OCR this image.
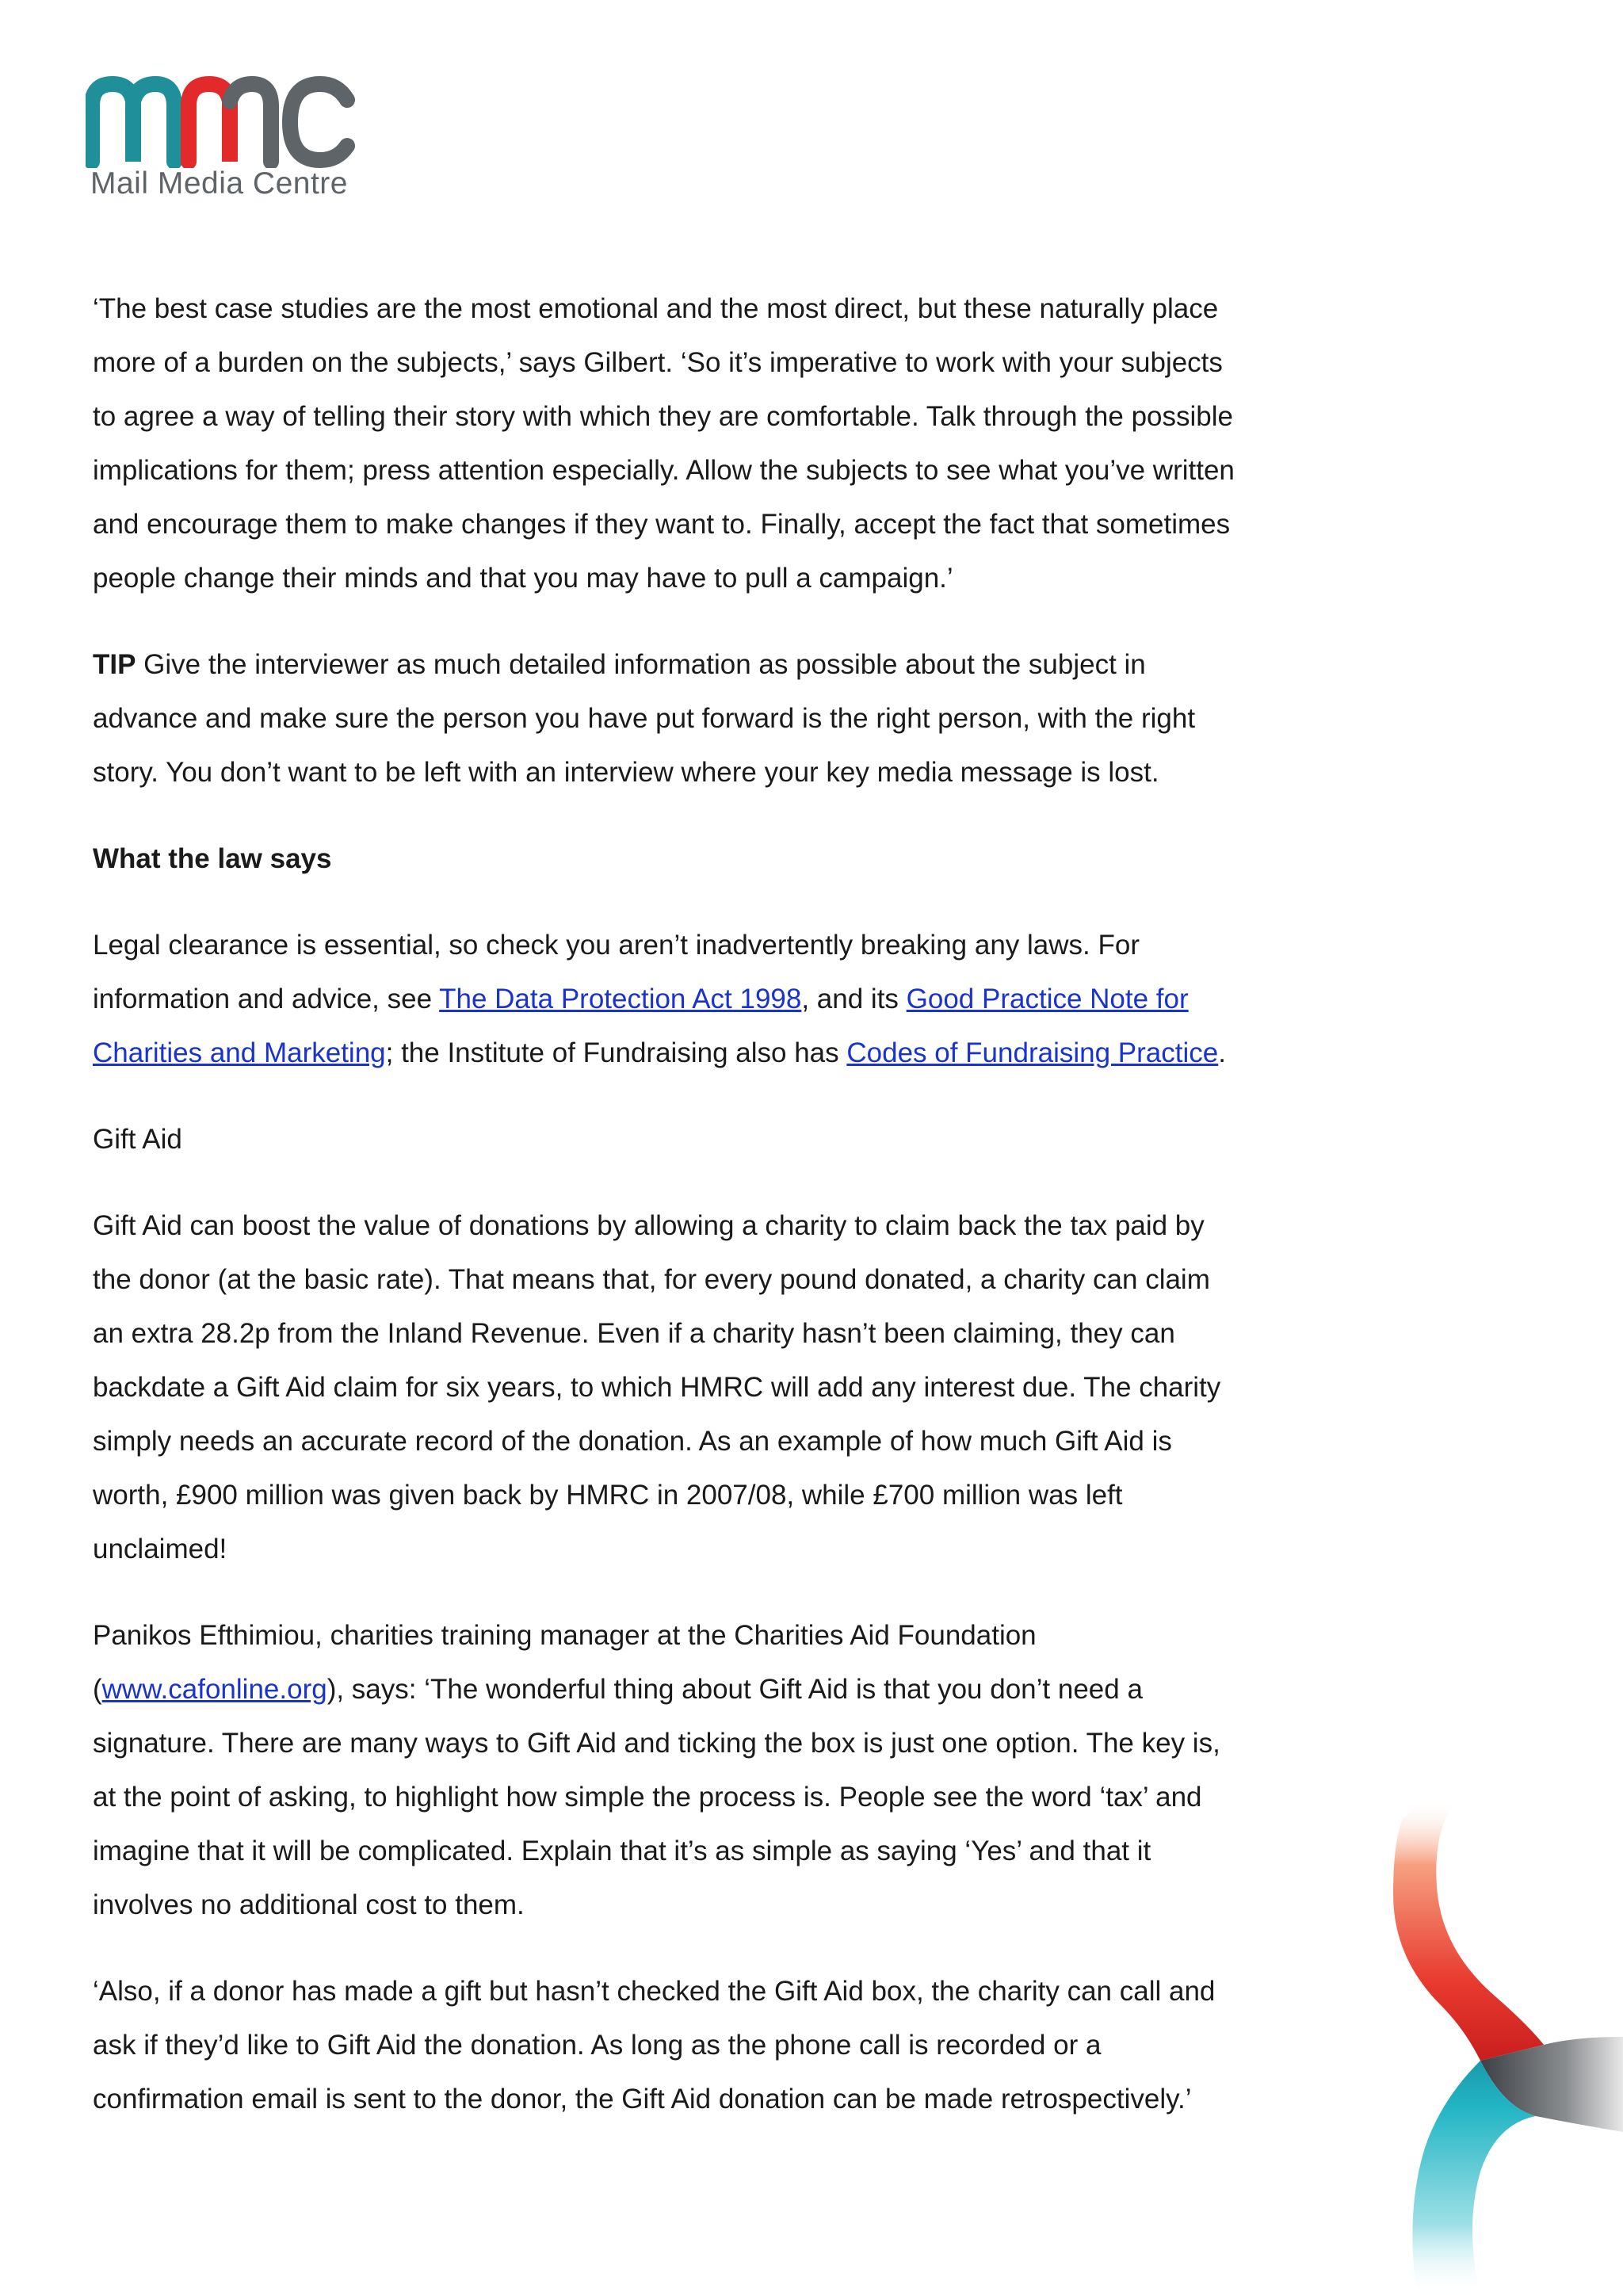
Mail Media Centre

‘The best case studies are the most emotional and the most direct, but these naturally place more of a burden on the subjects,’ says Gilbert. ‘So it’s imperative to work with your subjects to agree a way of telling their story with which they are comfortable. Talk through the possible implications for them; press attention especially. Allow the subjects to see what you’ve written and encourage them to make changes if they want to. Finally, accept the fact that sometimes people change their minds and that you may have to pull a campaign.’

TIP Give the interviewer as much detailed information as possible about the subject in advance and make sure the person you have put forward is the right person, with the right story. You don’t want to be left with an interview where your key media message is lost.

What the law says

Legal clearance is essential, so check you aren’t inadvertently breaking any laws. For information and advice, see The Data Protection Act 1998, and its Good Practice Note for Charities and Marketing; the Institute of Fundraising also has Codes of Fundraising Practice.

Gift Aid

Gift Aid can boost the value of donations by allowing a charity to claim back the tax paid by the donor (at the basic rate). That means that, for every pound donated, a charity can claim an extra 28.2p from the Inland Revenue. Even if a charity hasn’t been claiming, they can backdate a Gift Aid claim for six years, to which HMRC will add any interest due. The charity simply needs an accurate record of the donation. As an example of how much Gift Aid is worth, £900 million was given back by HMRC in 2007/08, while £700 million was left unclaimed!

Panikos Efthimiou, charities training manager at the Charities Aid Foundation (www.cafonline.org), says: ‘The wonderful thing about Gift Aid is that you don’t need a signature. There are many ways to Gift Aid and ticking the box is just one option. The key is, at the point of asking, to highlight how simple the process is. People see the word ‘tax’ and imagine that it will be complicated. Explain that it’s as simple as saying ‘Yes’ and that it involves no additional cost to them.

‘Also, if a donor has made a gift but hasn’t checked the Gift Aid box, the charity can call and ask if they’d like to Gift Aid the donation. As long as the phone call is recorded or a confirmation email is sent to the donor, the Gift Aid donation can be made retrospectively.’
